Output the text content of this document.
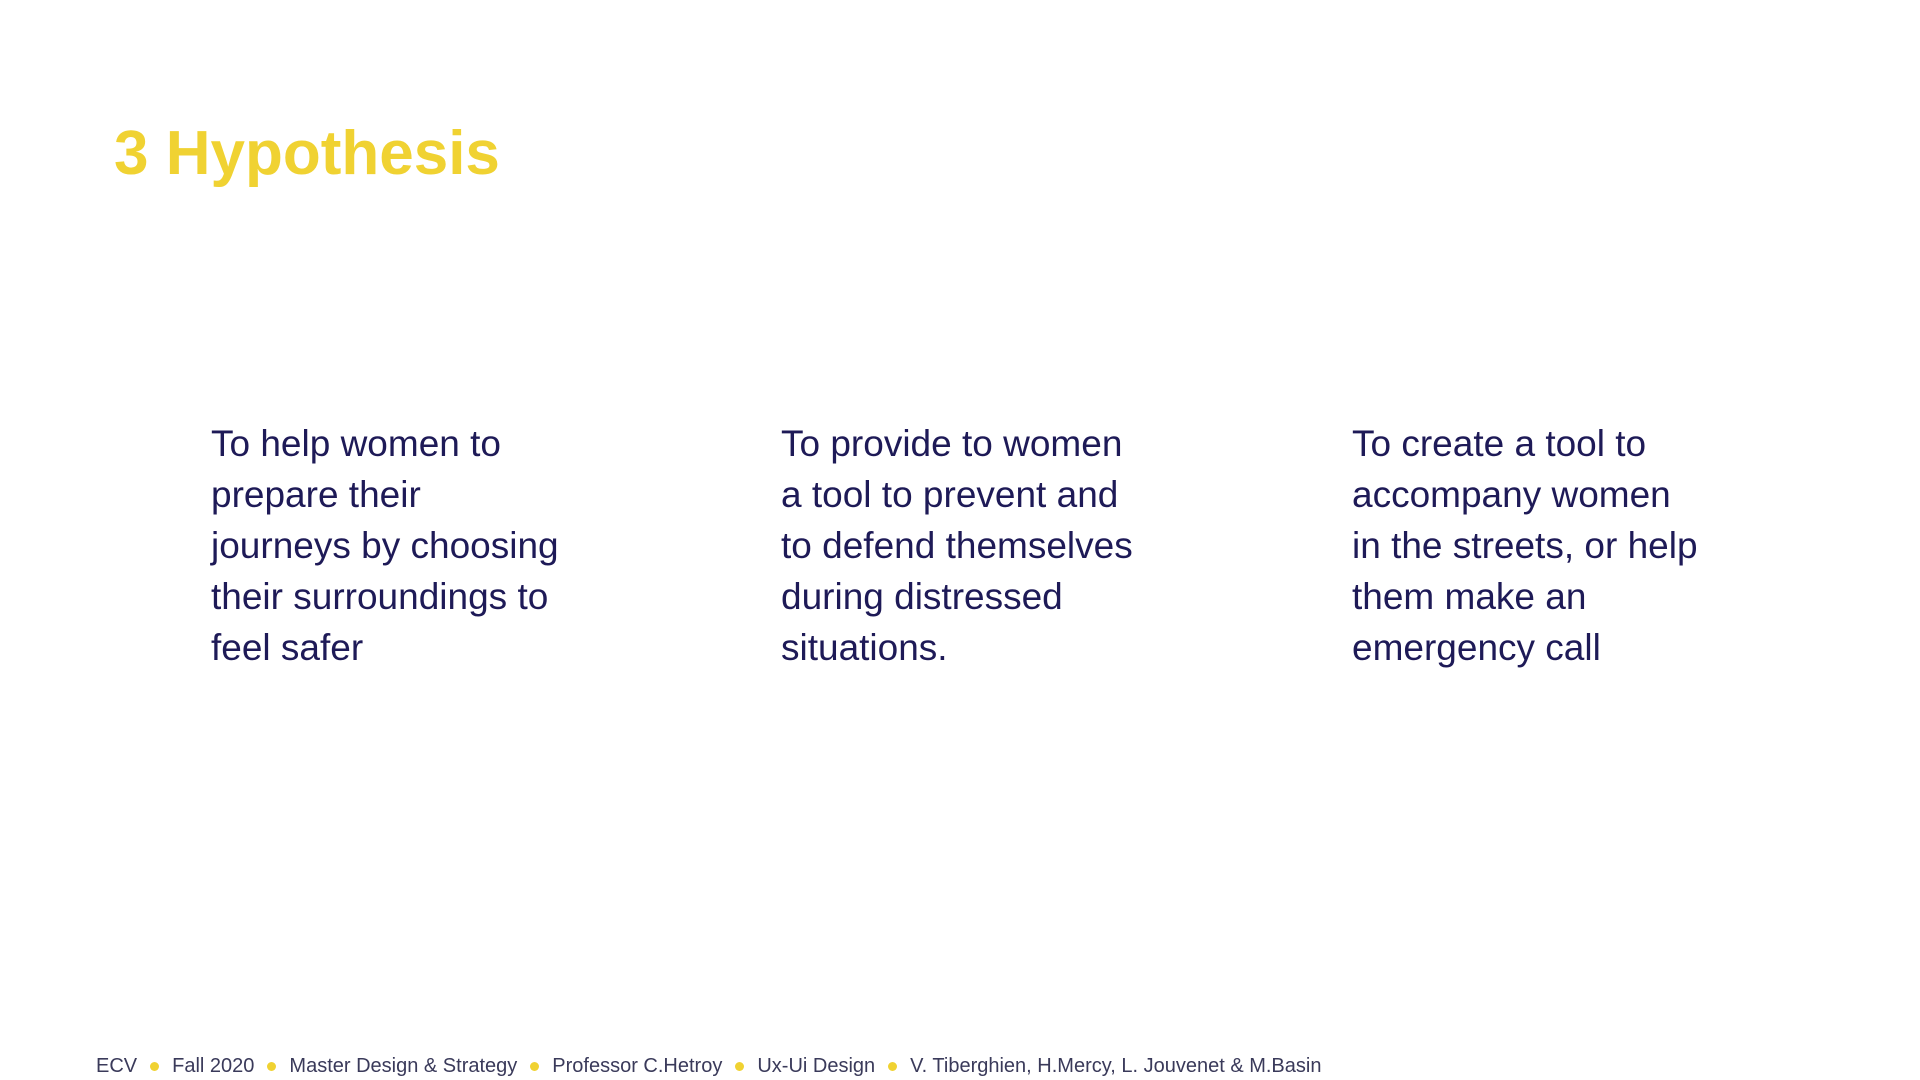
3 Hypothesis

To help women to
prepare their
journeys by choosing
their surroundings to
feel safer

To provide to women
a tool to prevent and
to defend themselves
during distressed
situations.

To create a tool to
accompany women
in the streets, or help
them make an
emergency call

ECV Fall 2020 Master Design & Strategy Professor C.Hetroy Ux-Ui Design V. Tiberghien, H.Mercy, L. Jouvenet & M.Basin
